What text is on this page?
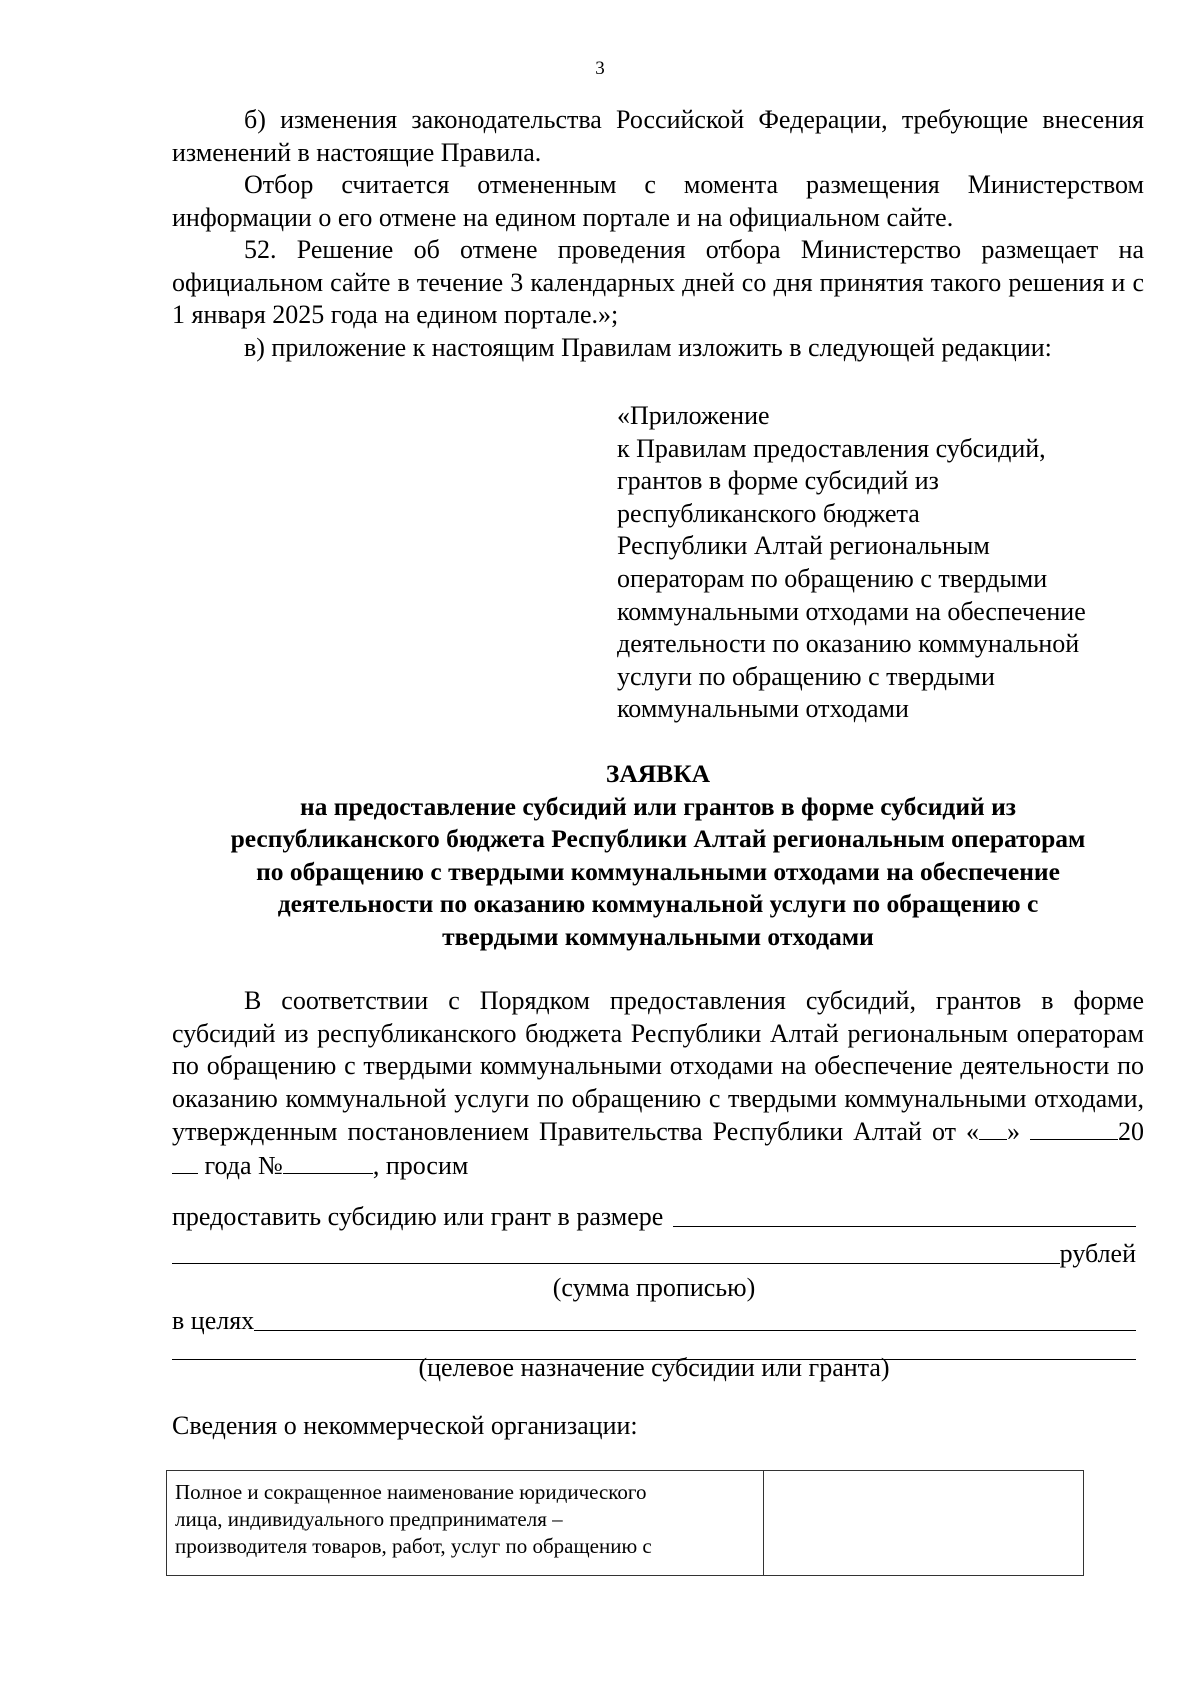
3

б) изменения законодательства Российской Федерации, требующие внесения изменений в настоящие Правила.

Отбор считается отмененным с момента размещения Министерством информации о его отмене на едином портале и на официальном сайте.

52. Решение об отмене проведения отбора Министерство размещает на официальном сайте в течение 3 календарных дней со дня принятия такого решения и с 1 января 2025 года на едином портале.»;

в) приложение к настоящим Правилам изложить в следующей редакции:

«Приложение
к Правилам предоставления субсидий,
грантов в форме субсидий из
республиканского бюджета
Республики Алтай региональным
операторам по обращению с твердыми
коммунальными отходами на обеспечение
деятельности по оказанию коммунальной
услуги по обращению с твердыми
коммунальными отходами
ЗАЯВКА
на предоставление субсидий или грантов в форме субсидий из
республиканского бюджета Республики Алтай региональным операторам
по обращению с твердыми коммунальными отходами на обеспечение
деятельности по оказанию коммунальной услуги по обращению с
твердыми коммунальными отходами

В соответствии с Порядком предоставления субсидий, грантов в форме субсидий из республиканского бюджета Республики Алтай региональным операторам по обращению с твердыми коммунальными отходами на обеспечение деятельности по оказанию коммунальной услуги по обращению с твердыми коммунальными отходами, утвержденным постановлением Правительства Республики Алтай от « »	20 года №	, просим

предоставить субсидию или грант в размере
рублей
(сумма прописью)
в целях
(целевое назначение субсидии или гранта)
Сведения о некоммерческой организации:
Полное и сокращенное наименование юридического
лица, индивидуального предпринимателя –
производителя товаров, работ, услуг по обращению с
